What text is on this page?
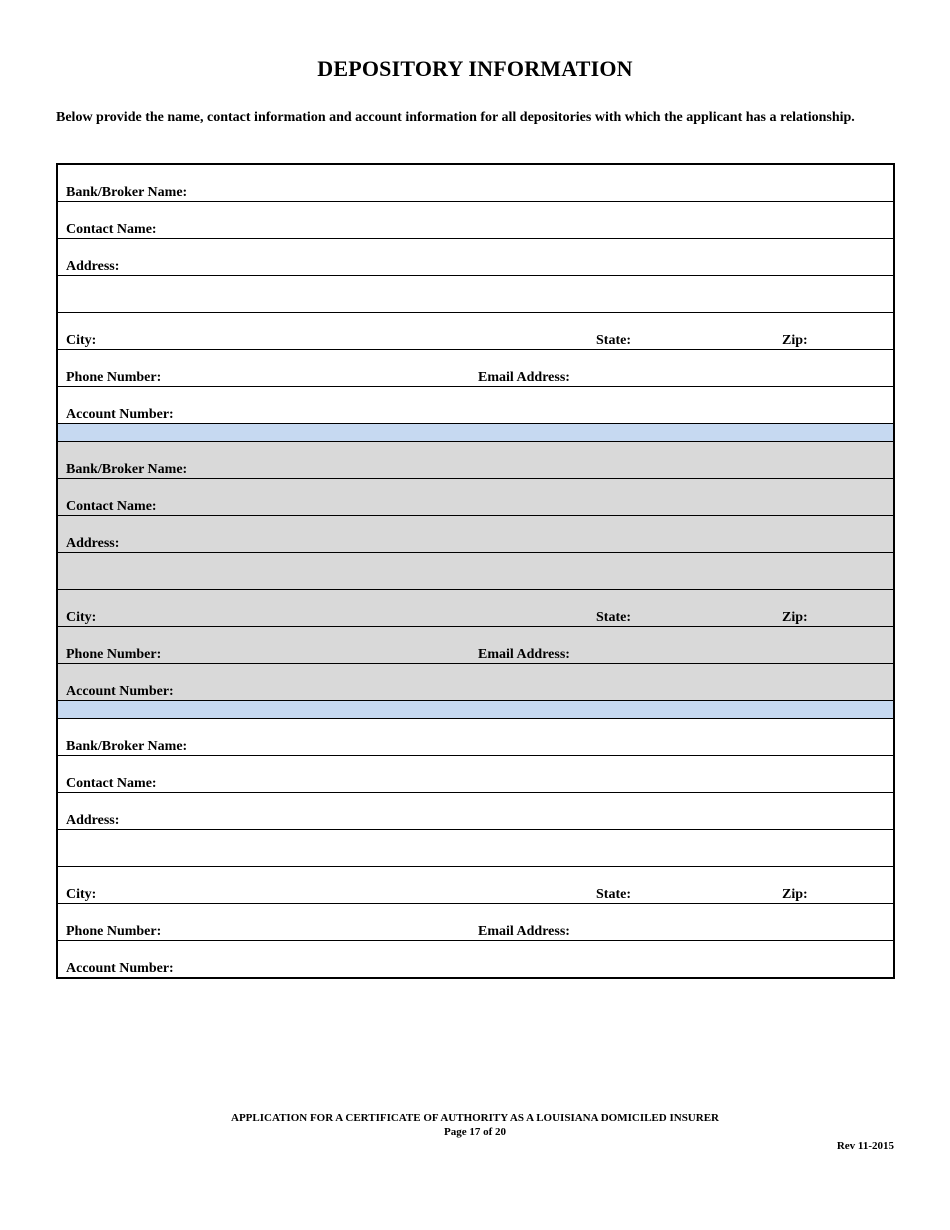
DEPOSITORY INFORMATION
Below provide the name, contact information and account information for all depositories with which the applicant has a relationship.
Bank/Broker Name:
Contact Name:
Address:
City:	State:	Zip:
Phone Number:	Email Address:
Account Number:
Bank/Broker Name:
Contact Name:
Address:
City:	State:	Zip:
Phone Number:	Email Address:
Account Number:
Bank/Broker Name:
Contact Name:
Address:
City:	State:	Zip:
Phone Number:	Email Address:
Account Number:
APPLICATION FOR A CERTIFICATE OF AUTHORITY AS A LOUISIANA DOMICILED INSURER
Page 17 of 20
Rev 11-2015
